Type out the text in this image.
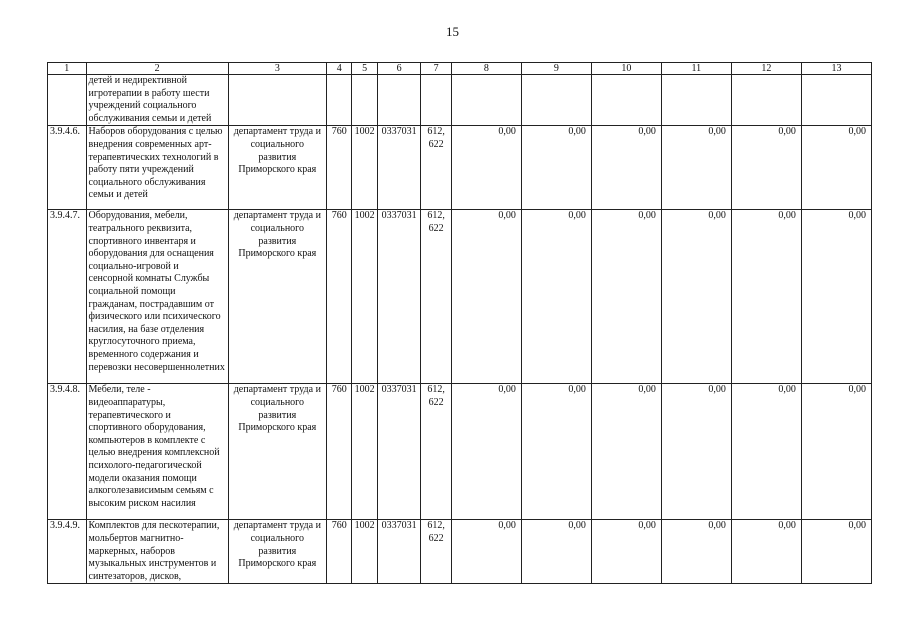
15
1	2	3	4	5	6	7	8	9	10	11	12	13
	детей и недирективной игротерапии в работу шести учреждений социального обслуживания семьи и детей											
3.9.4.6.	Наборов оборудования с целью внедрения современных арт-терапевтических технологий в работу пяти учреждений социального обслуживания семьи и детей	департамент труда и социального развития Приморского края	760	1002	0337031	612, 622	0,00	0,00	0,00	0,00	0,00	0,00
3.9.4.7.	Оборудования, мебели, театрального реквизита, спортивного инвентаря и оборудования для оснащения социально-игровой и сенсорной комнаты Службы социальной помощи гражданам, пострадавшим от физического или психического насилия, на базе отделения круглосуточного приема, временного содержания и перевозки несовершеннолетних	департамент труда и социального развития Приморского края	760	1002	0337031	612, 622	0,00	0,00	0,00	0,00	0,00	0,00
3.9.4.8.	Мебели, теле - видеоаппаратуры, терапевтического и спортивного оборудования, компьютеров в комплекте с целью внедрения комплексной психолого-педагогической модели оказания помощи алкоголезависимым семьям с высоким риском насилия	департамент труда и социального развития Приморского края	760	1002	0337031	612, 622	0,00	0,00	0,00	0,00	0,00	0,00
3.9.4.9.	Комплектов для пескотерапии, мольбертов магнитно-маркерных, наборов музыкальных инструментов и синтезаторов, дисков,	департамент труда и социального развития Приморского края	760	1002	0337031	612, 622	0,00	0,00	0,00	0,00	0,00	0,00
